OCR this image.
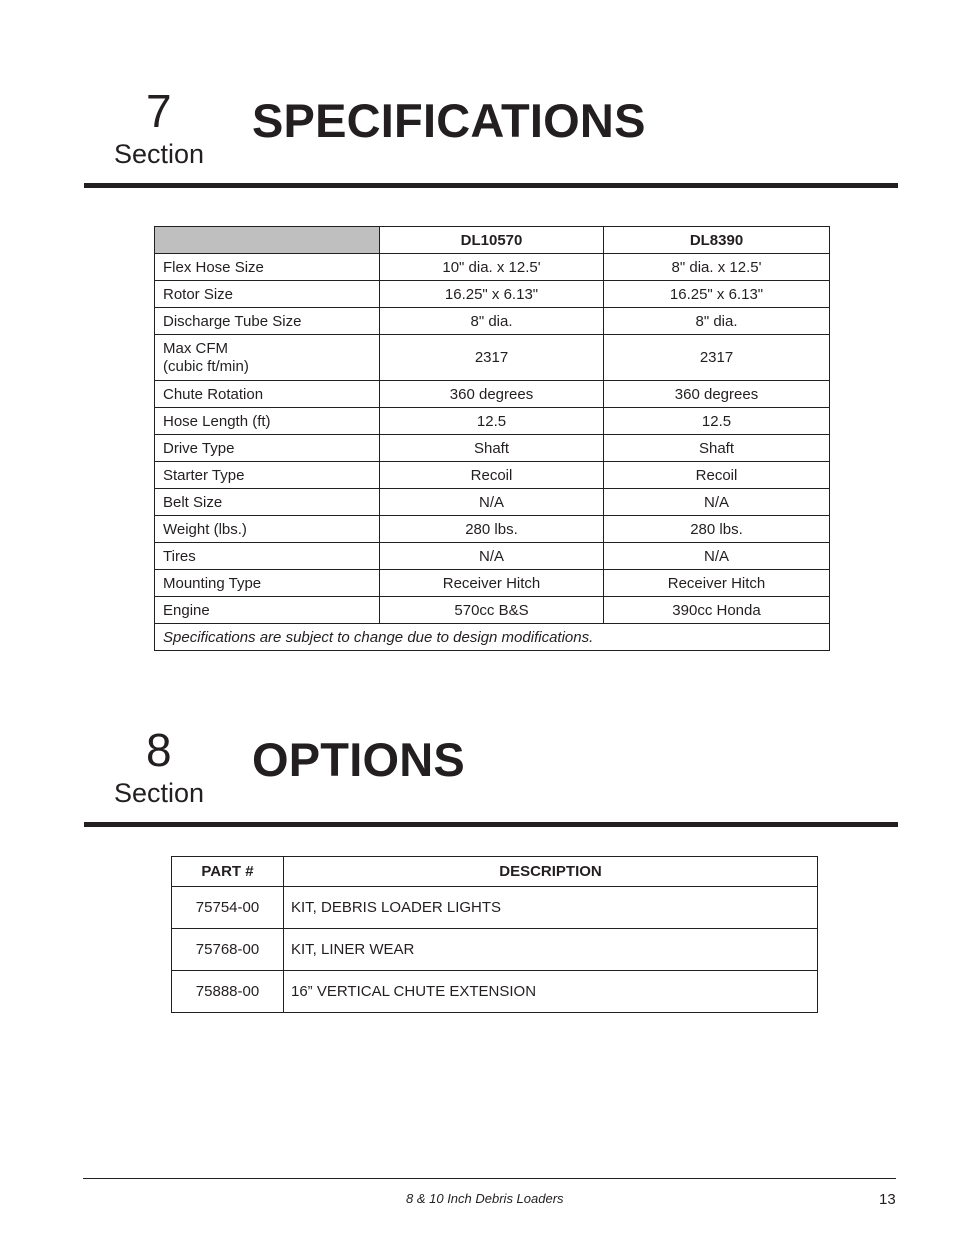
7
Section
SPECIFICATIONS
	DL10570	DL8390
Flex Hose Size	10" dia. x 12.5'	8" dia. x 12.5'
Rotor Size	16.25" x 6.13"	16.25" x 6.13"
Discharge Tube Size	8" dia.	8" dia.

Max CFM
(cubic ft/min)	2317	2317
Chute Rotation	360 degrees	360 degrees
Hose Length (ft)	12.5	12.5
Drive Type	Shaft	Shaft
Starter Type	Recoil	Recoil
Belt Size	N/A	N/A
Weight (lbs.)	280 lbs.	280 lbs.
Tires	N/A	N/A
Mounting Type	Receiver Hitch	Receiver Hitch
Engine	570cc B&S	390cc Honda
Specifications are subject to change due to design modifications.		
8
Section
OPTIONS
PART #	DESCRIPTION
75754-00	KIT, DEBRIS LOADER LIGHTS
75768-00	KIT, LINER WEAR
75888-00	16” VERTICAL CHUTE EXTENSION
8 & 10 Inch Debris Loaders	13
